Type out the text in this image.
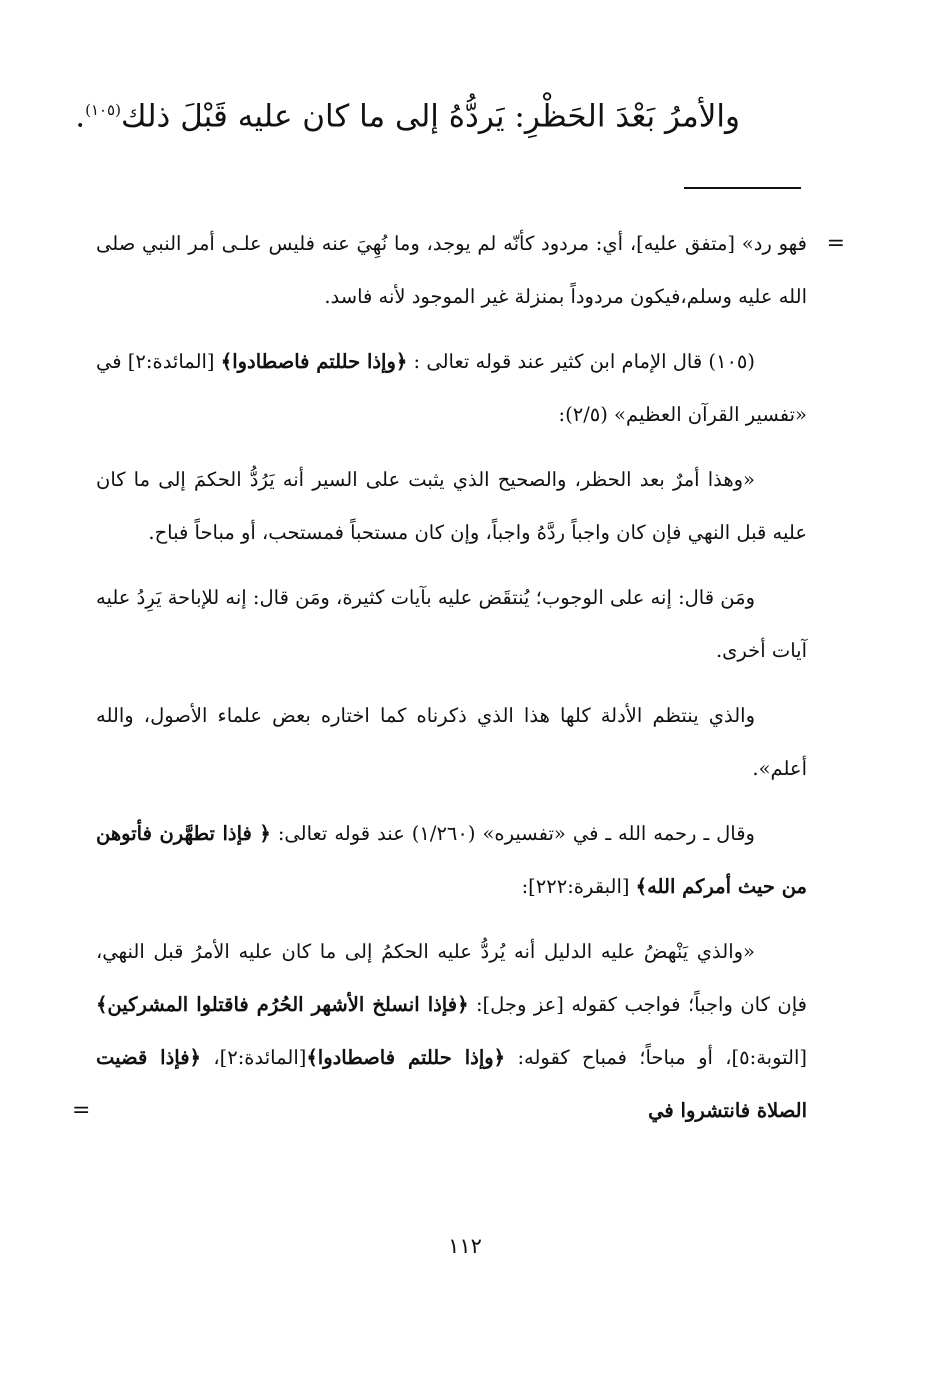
والأمرُ بَعْدَ الحَظْرِ: يَردُّهُ إلى ما كان عليه قَبْلَ ذلك$^{(١٠٥)}$.

=
فهو رد» [متفق عليه]، أي: مردود كأنّه لم يوجد، وما نُهِيَ عنه فليس علـى أمر النبي صلى الله عليه وسلم،فيكون مردوداً بمنزلة غير الموجود لأنه فاسد.

(١٠٥) قال الإمام ابن كثير عند قوله تعالى : ﴿وإذا حللتم فاصطادوا﴾ [المائدة:٢] في «تفسير القرآن العظيم» (٢/٥):

«وهذا أمرٌ بعد الحظر، والصحيح الذي يثبت على السير أنه يَرُدُّ الحكمَ إلى ما كان عليه قبل النهي فإن كان واجباً ردَّهُ واجباً، وإن كان مستحباً فمستحب، أو مباحاً فباح.

ومَن قال: إنه على الوجوب؛ يُنتقَض عليه بآيات كثيرة، ومَن قال: إنه للإباحة يَرِدُ عليه آيات أخرى.

والذي ينتظم الأدلة كلها هذا الذي ذكرناه كما اختاره بعض علماء الأصول، والله أعلم».

وقال ـ رحمه الله ـ في «تفسيره» (١/٢٦٠) عند قوله تعالى: ﴿ فإذا تطهَّرن فأتوهن من حيث أمركم الله﴾ [البقرة:٢٢٢]:

«والذي يَنْهضُ عليه الدليل أنه يُردُّ عليه الحكمُ إلى ما كان عليه الأمرُ قبل النهي، فإن كان واجباً؛ فواجب كقوله [عز وجل]: ﴿فإذا انسلخ الأشهر الحُرُم فاقتلوا المشركين﴾ [التوبة:٥]، أو مباحاً؛ فمباح كقوله: ﴿وإذا حللتم فاصطادوا﴾[المائدة:٢]، ﴿فإذا قضيت الصلاة فانتشروا في
=

١١٢
